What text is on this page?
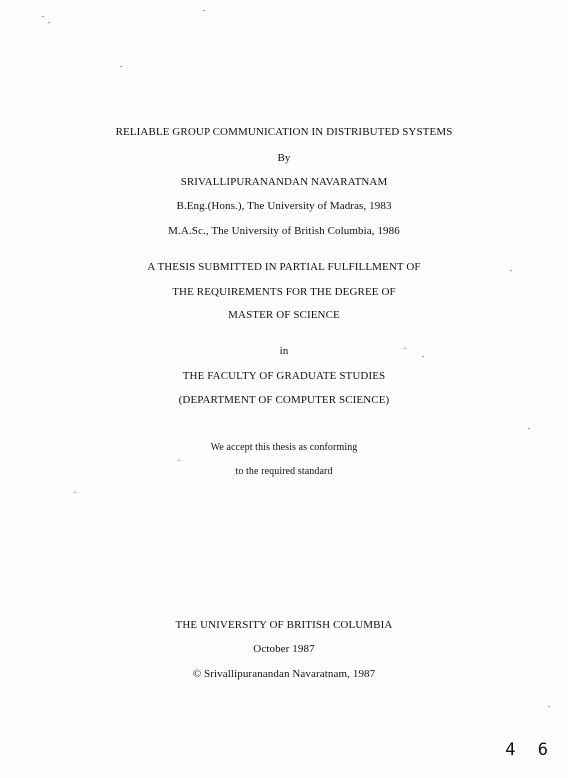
RELIABLE GROUP COMMUNICATION IN DISTRIBUTED SYSTEMS
By
SRIVALLIPURANANDAN NAVARATNAM
B.Eng.(Hons.), The University of Madras, 1983
M.A.Sc., The University of British Columbia, 1986
A THESIS SUBMITTED IN PARTIAL FULFILLMENT OF
THE REQUIREMENTS FOR THE DEGREE OF
MASTER OF SCIENCE
in
THE FACULTY OF GRADUATE STUDIES
(DEPARTMENT OF COMPUTER SCIENCE)
We accept this thesis as conforming
to the required standard
THE UNIVERSITY OF BRITISH COLUMBIA
October 1987
© Srivallipuranandan Navaratnam, 1987
4 6
